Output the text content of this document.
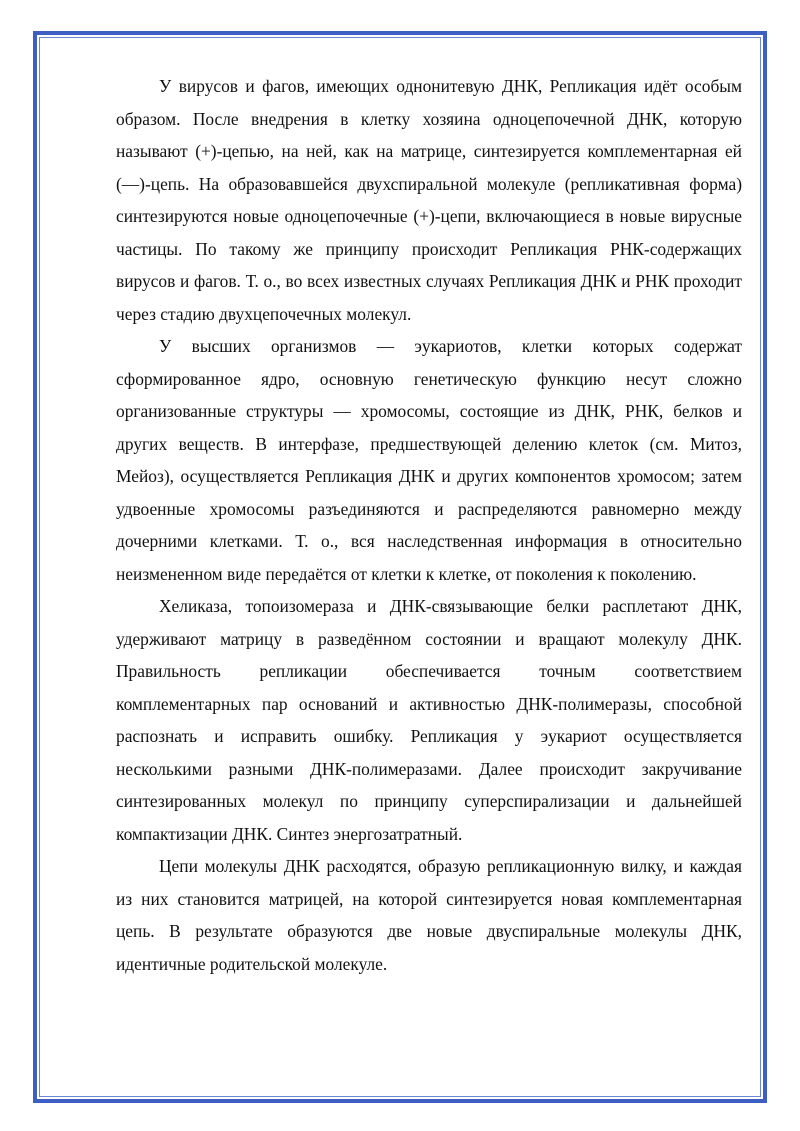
У вирусов и фагов, имеющих однонитевую ДНК, Репликация идёт особым образом. После внедрения в клетку хозяина одноцепочечной ДНК, которую называют (+)-цепью, на ней, как на матрице, синтезируется комплементарная ей (—)-цепь. На образовавшейся двухспиральной молекуле (репликативная форма) синтезируются новые одноцепочечные (+)-цепи, включающиеся в новые вирусные частицы. По такому же принципу происходит Репликация РНК-содержащих вирусов и фагов. Т. о., во всех известных случаях Репликация ДНК и РНК проходит через стадию двухцепочечных молекул.

У высших организмов — эукариотов, клетки которых содержат сформированное ядро, основную генетическую функцию несут сложно организованные структуры — хромосомы, состоящие из ДНК, РНК, белков и других веществ. В интерфазе, предшествующей делению клеток (см. Митоз, Мейоз), осуществляется Репликация ДНК и других компонентов хромосом; затем удвоенные хромосомы разъединяются и распределяются равномерно между дочерними клетками. Т. о., вся наследственная информация в относительно неизмененном виде передаётся от клетки к клетке, от поколения к поколению.

Хеликаза, топоизомераза и ДНК-связывающие белки расплетают ДНК, удерживают матрицу в разведённом состоянии и вращают молекулу ДНК. Правильность репликации обеспечивается точным соответствием комплементарных пар оснований и активностью ДНК-полимеразы, способной распознать и исправить ошибку. Репликация у эукариот осуществляется несколькими разными ДНК-полимеразами. Далее происходит закручивание синтезированных молекул по принципу суперспирализации и дальнейшей компактизации ДНК. Синтез энергозатратный.

Цепи молекулы ДНК расходятся, образую репликационную вилку, и каждая из них становится матрицей, на которой синтезируется новая комплементарная цепь. В результате образуются две новые двуспиральные молекулы ДНК, идентичные родительской молекуле.
